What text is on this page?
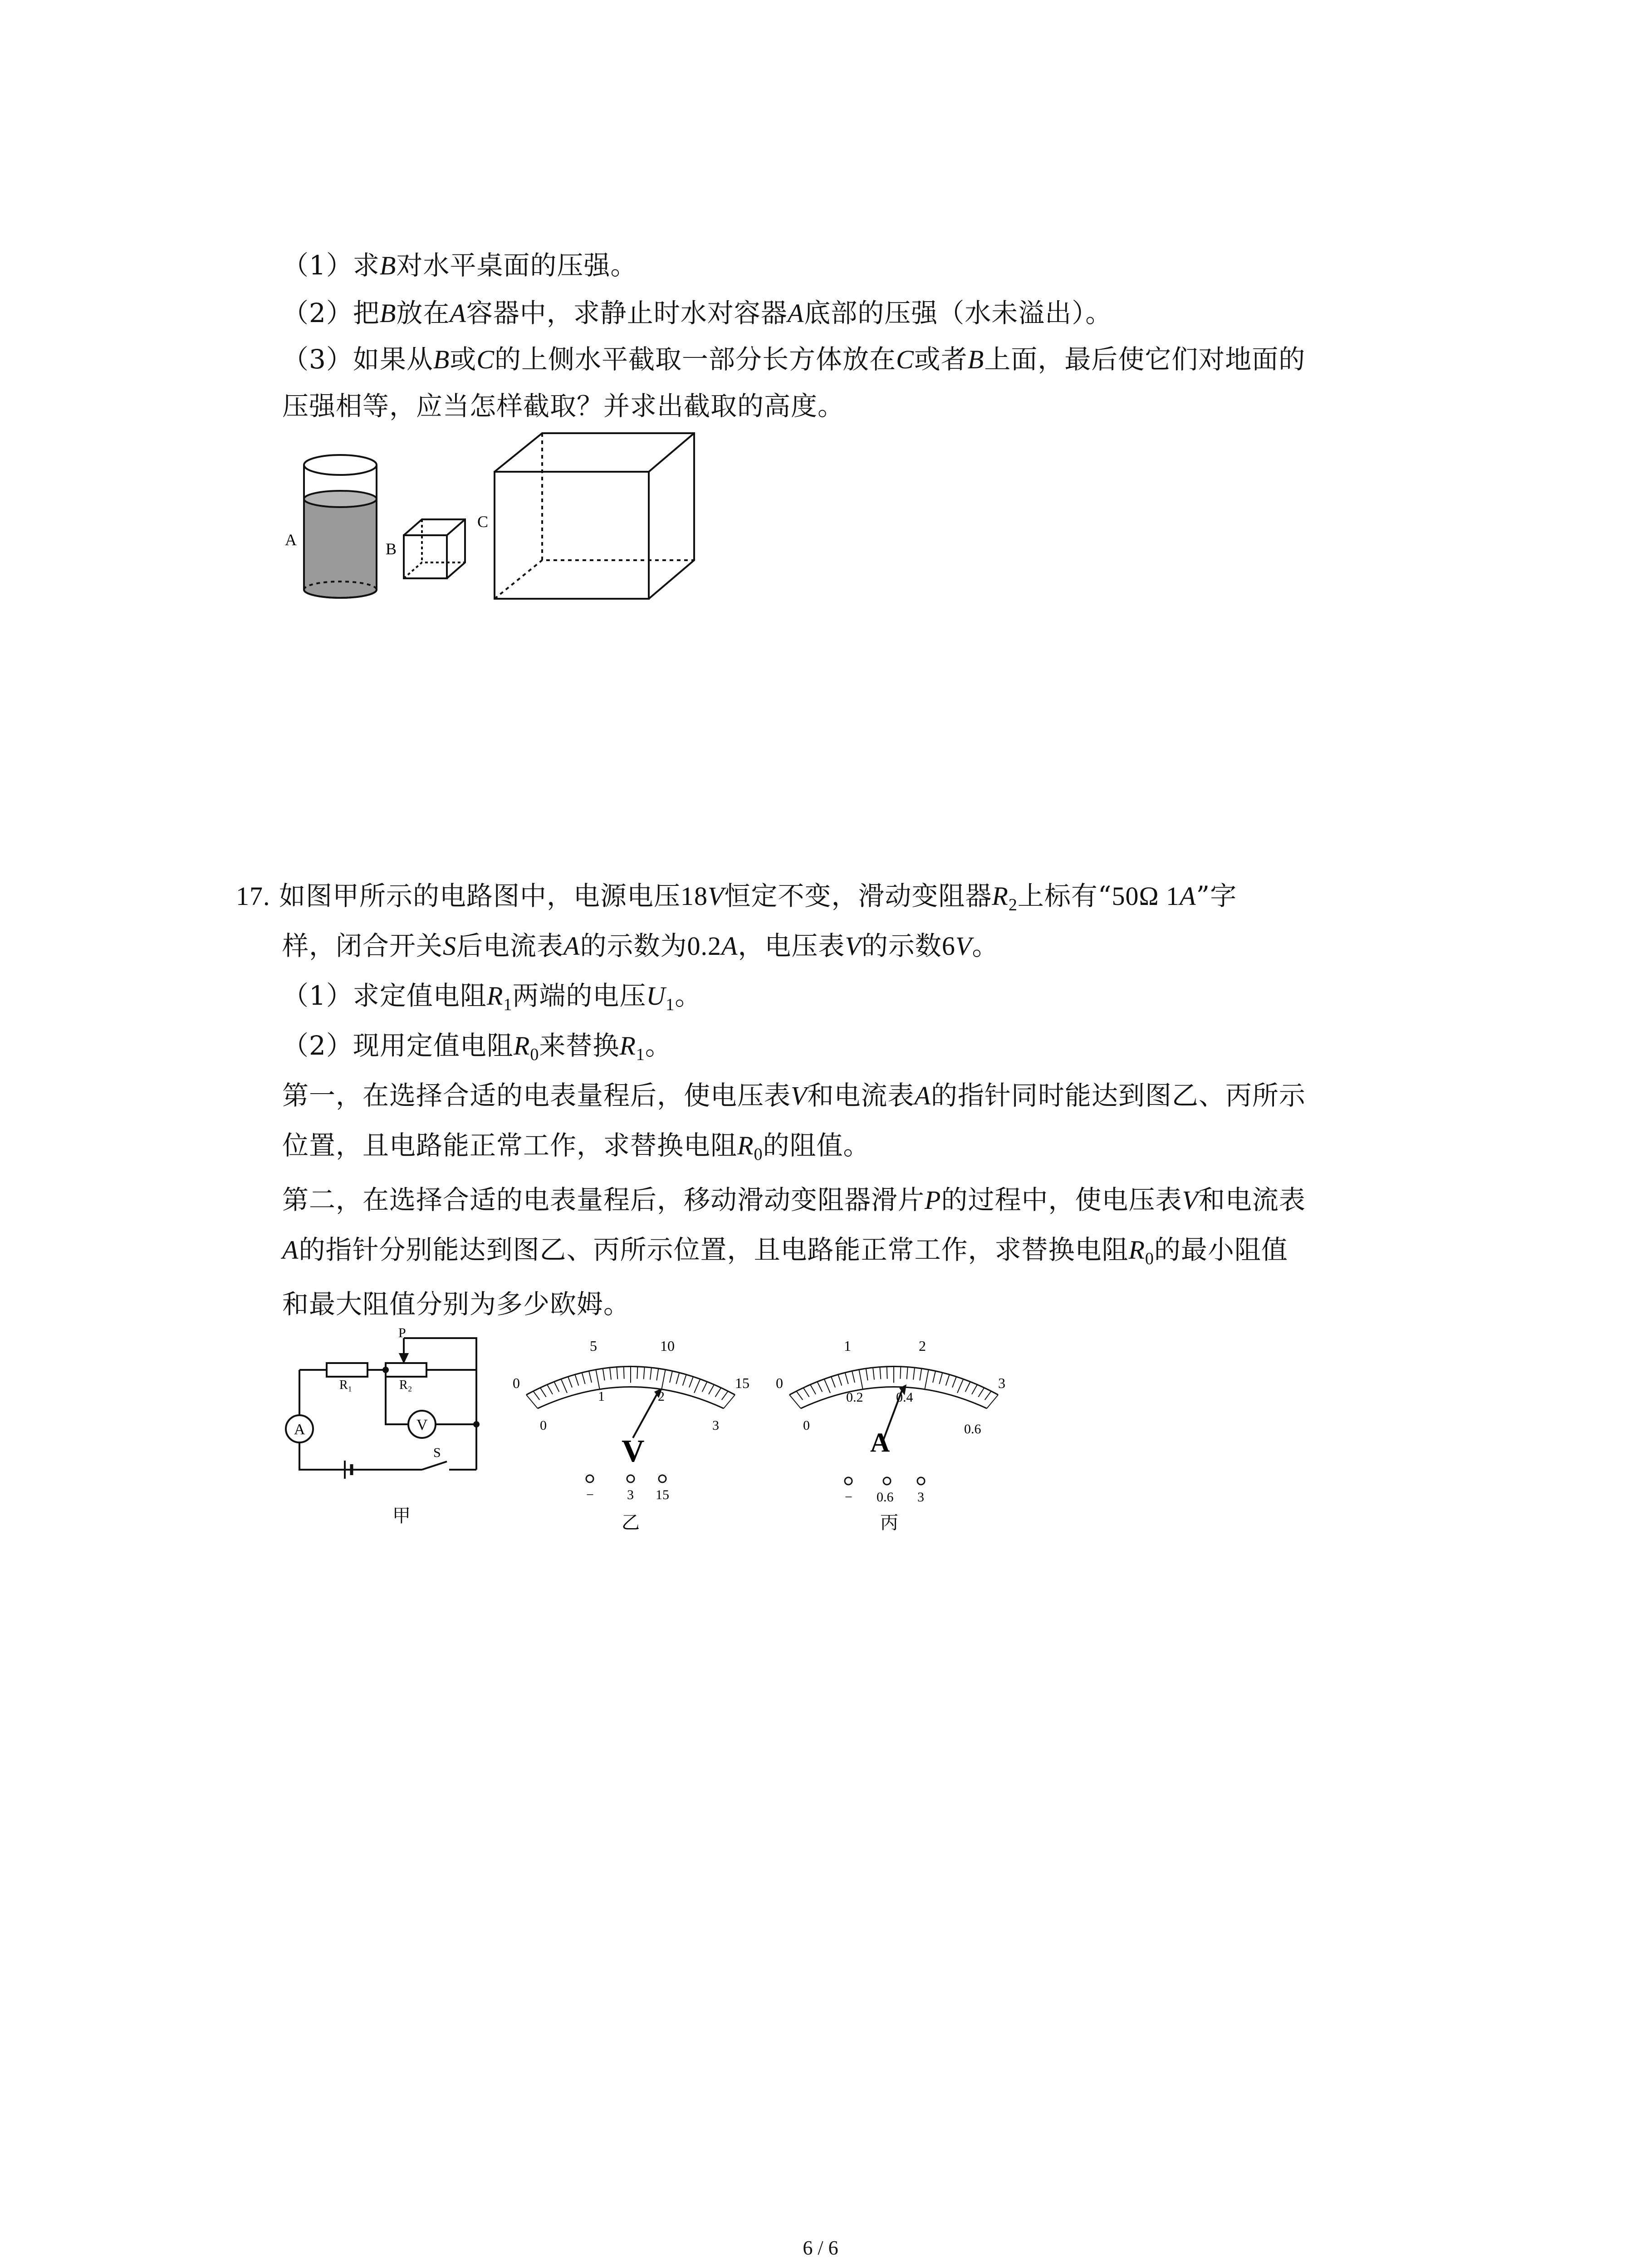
（1）求B对水平桌面的压强。
（2）把B放在A容器中，求静止时水对容器A底部的压强（水未溢出）。
（3）如果从B或C的上侧水平截取一部分长方体放在C或者B上面，最后使它们对地面的
压强相等，应当怎样截取？并求出截取的高度。
A	B
C
17. 如图甲所示的电路图中，电源电压18V恒定不变，滑动变阻器$R_2$上标有“50Ω 1A”字
样，闭合开关S后电流表A的示数为0.2A，电压表V的示数6V。
（1）求定值电阻$R_1$两端的电压$U_1$。
（2）现用定值电阻$R_0$来替换$R_1$。
第一，在选择合适的电表量程后，使电压表V和电流表A的指针同时能达到图乙、丙所示
位置，且电路能正常工作，求替换电阻$R_0$的阻值。
第二，在选择合适的电表量程后，移动滑动变阻器滑片P的过程中，使电压表V和电流表
A的指针分别能达到图乙、丙所示位置，且电路能正常工作，求替换电阻$R_0$的最小阻值
和最大阻值分别为多少欧姆。
P
R₁	R₂
A	V
S
甲
0
5	10
15
0
1	2
3
V
− 3 15
乙
0
1	2
3
0
0.2 0.4
0.6
A
− 0.6 3
丙
6 / 6
